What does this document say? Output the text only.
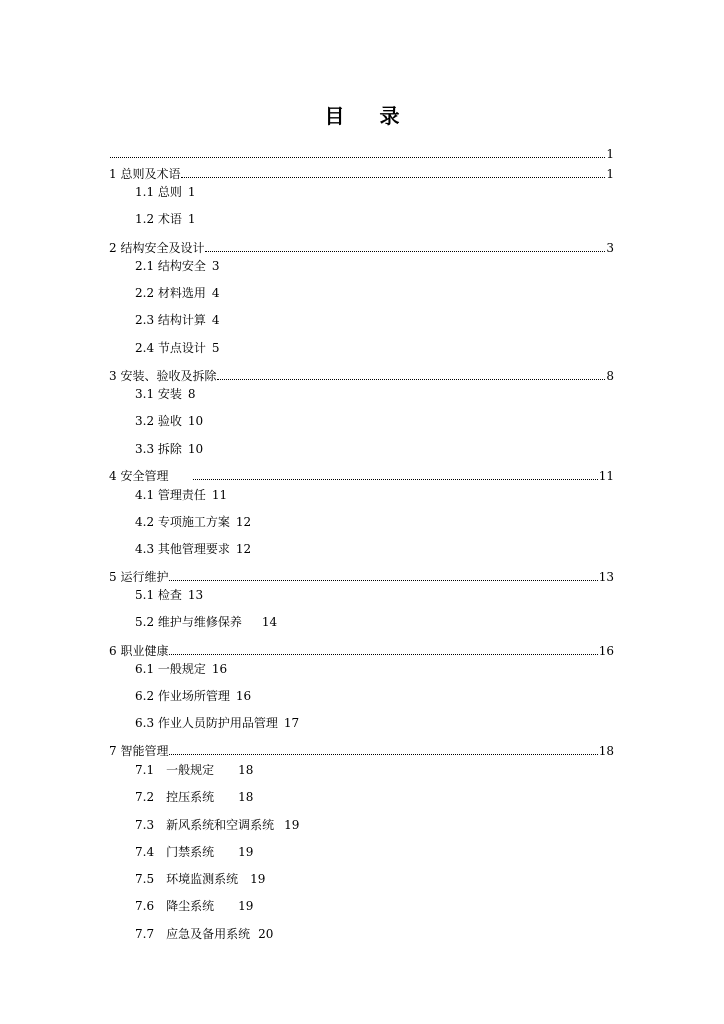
目 录
1
1 总则及术语	1
1.1 总则 1
1.2 术语 1
2 结构安全及设计	3
2.1 结构安全 3
2.2 材料选用 4
2.3 结构计算 4
2.4 节点设计 5
3 安装、验收及拆除	8
3.1 安装 8
3.2 验收 10
3.3 拆除 10
4 安全管理	11
4.1 管理责任 11
4.2 专项施工方案 12
4.3 其他管理要求 12
5 运行维护	13
5.1 检查 13
5.2 维护与维修保养 14
6 职业健康	16
6.1 一般规定 16
6.2 作业场所管理 16
6.3 作业人员防护用品管理 17
7 智能管理	18
7.1　一般规定 18
7.2　控压系统 18
7.3　新风系统和空调系统 19
7.4　门禁系统 19
7.5　环境监测系统 19
7.6　降尘系统 19
7.7　应急及备用系统 20
